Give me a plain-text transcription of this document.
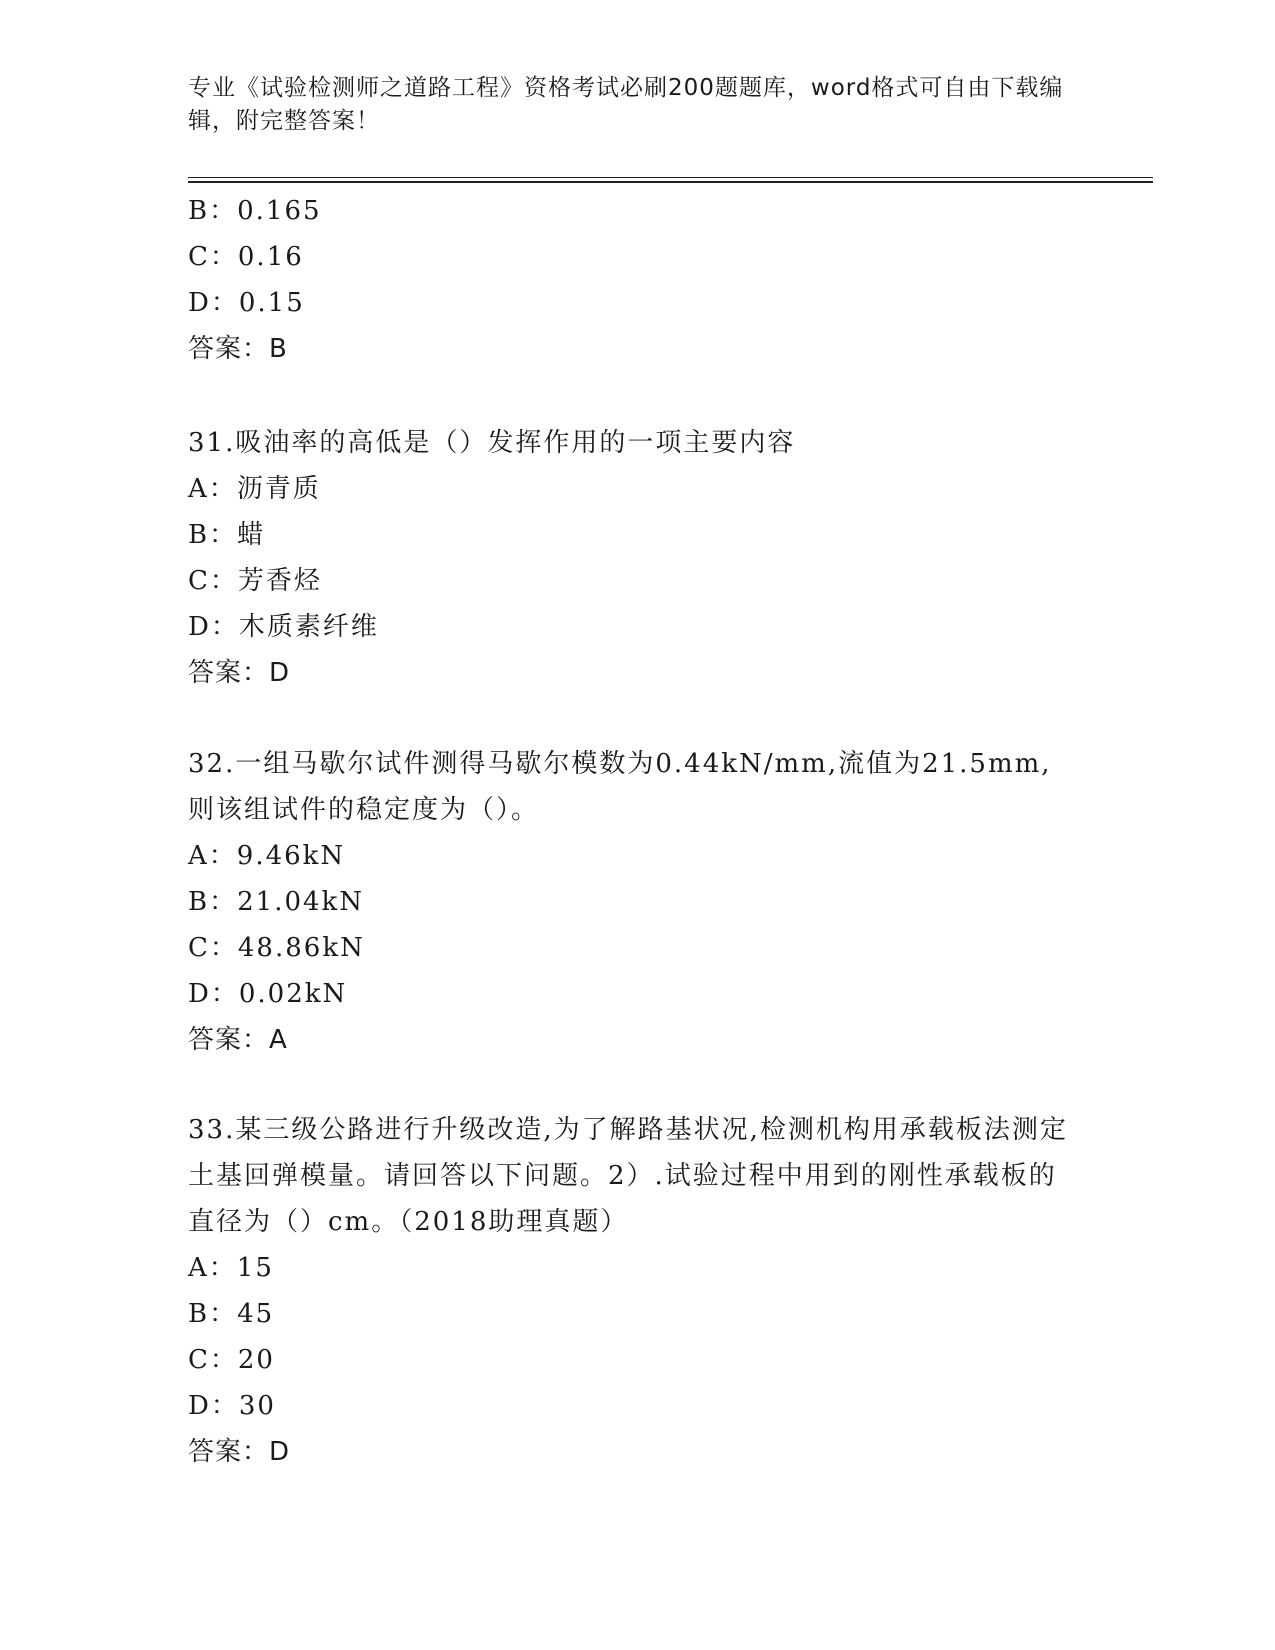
专业《试验检测师之道路工程》资格考试必刷200题题库，word格式可自由下载编辑，附完整答案！
B：0.165
C：0.16
D：0.15
答案：B
31.吸油率的高低是（）发挥作用的一项主要内容
A：沥青质
B：蜡
C：芳香烃
D：木质素纤维
答案：D
32.一组马歇尔试件测得马歇尔模数为0.44kN/mm,流值为21.5mm,则该组试件的稳定度为（）。
A：9.46kN
B：21.04kN
C：48.86kN
D：0.02kN
答案：A
33.某三级公路进行升级改造,为了解路基状况,检测机构用承载板法测定土基回弹模量。请回答以下问题。2）.试验过程中用到的刚性承载板的直径为（）cm。（2018助理真题）
A：15
B：45
C：20
D：30
答案：D
